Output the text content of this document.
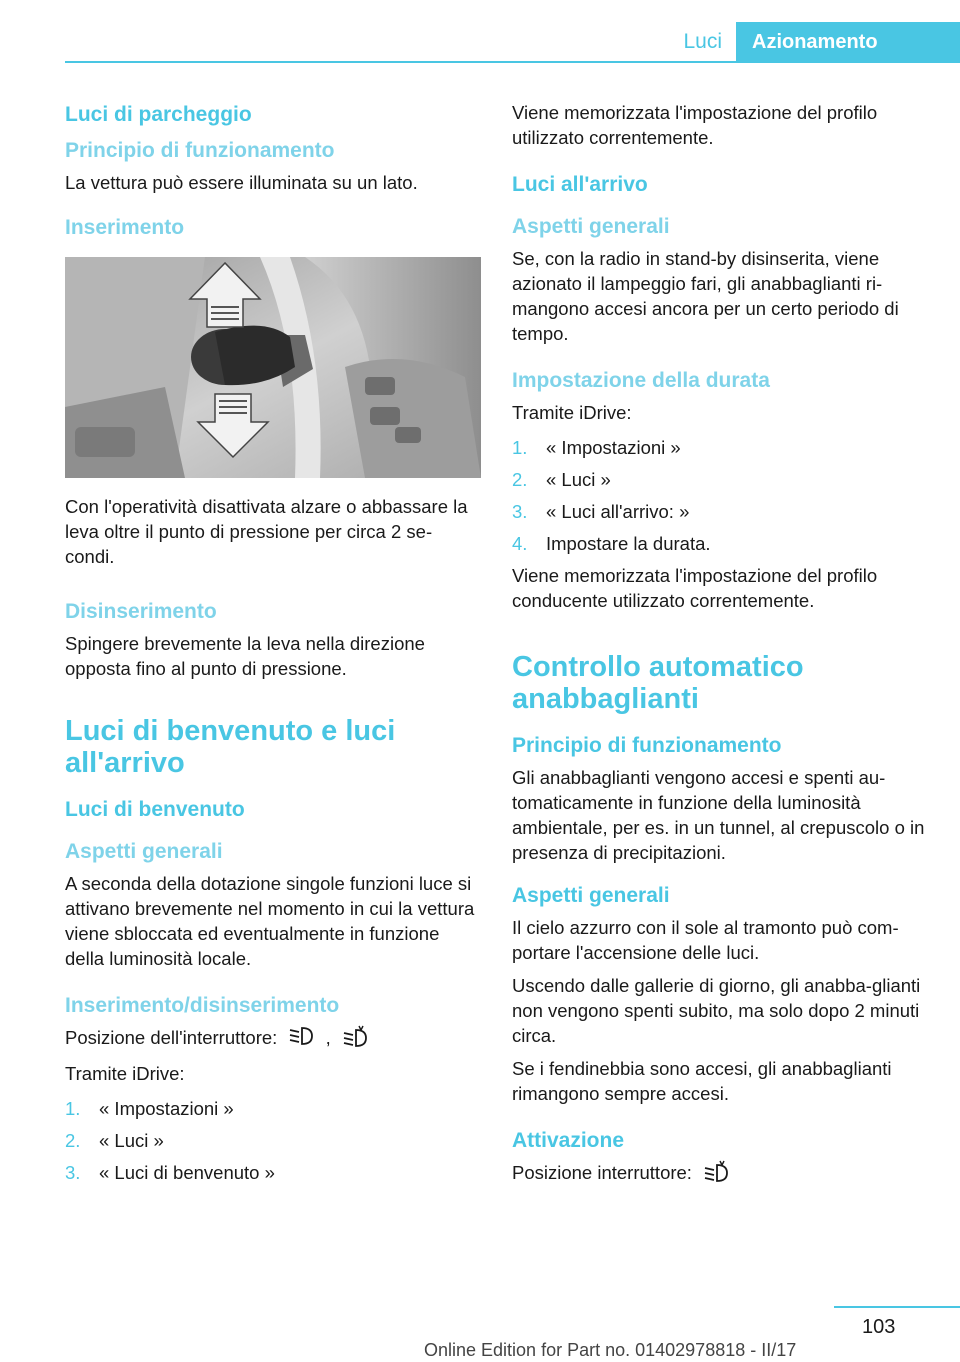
Luci	Azionamento
Luci di parcheggio
Principio di funzionamento

La vettura può essere illuminata su un lato.

Inserimento

Con l'operatività disattivata alzare o abbassare la leva oltre il punto di pressione per circa 2 se‐condi.

Disinserimento

Spingere brevemente la leva nella direzione opposta fino al punto di pressione.

Luci di benvenuto e luci all'arrivo
Luci di benvenuto
Aspetti generali

A seconda della dotazione singole funzioni luce si attivano brevemente nel momento in cui la vettura viene sbloccata ed eventualmente in funzione della luminosità locale.

Inserimento/disinserimento

Posizione dell'interruttore:	,

Tramite iDrive:

1.	« Impostazioni »
2.	« Luci »
3.	« Luci di benvenuto »

Viene memorizzata l'impostazione del profilo utilizzato correntemente.

Luci all'arrivo
Aspetti generali

Se, con la radio in stand-by disinserita, viene azionato il lampeggio fari, gli anabbaglianti ri‐mangono accesi ancora per un certo periodo di tempo.

Impostazione della durata

Tramite iDrive:

1.	« Impostazioni »
2.	« Luci »
3.	« Luci all'arrivo: »
4.	Impostare la durata.

Viene memorizzata l'impostazione del profilo conducente utilizzato correntemente.

Controllo automatico anabbaglianti
Principio di funzionamento

Gli anabbaglianti vengono accesi e spenti au‐tomaticamente in funzione della luminosità ambientale, per es. in un tunnel, al crepuscolo o in presenza di precipitazioni.

Aspetti generali

Il cielo azzurro con il sole al tramonto può com‐portare l'accensione delle luci.

Uscendo dalle gallerie di giorno, gli anabba‐glianti non vengono spenti subito, ma solo dopo 2 minuti circa.

Se i fendinebbia sono accesi, gli anabbaglianti rimangono sempre accesi.

Attivazione

Posizione interruttore:

103
Online Edition for Part no. 01402978818 - II/17
